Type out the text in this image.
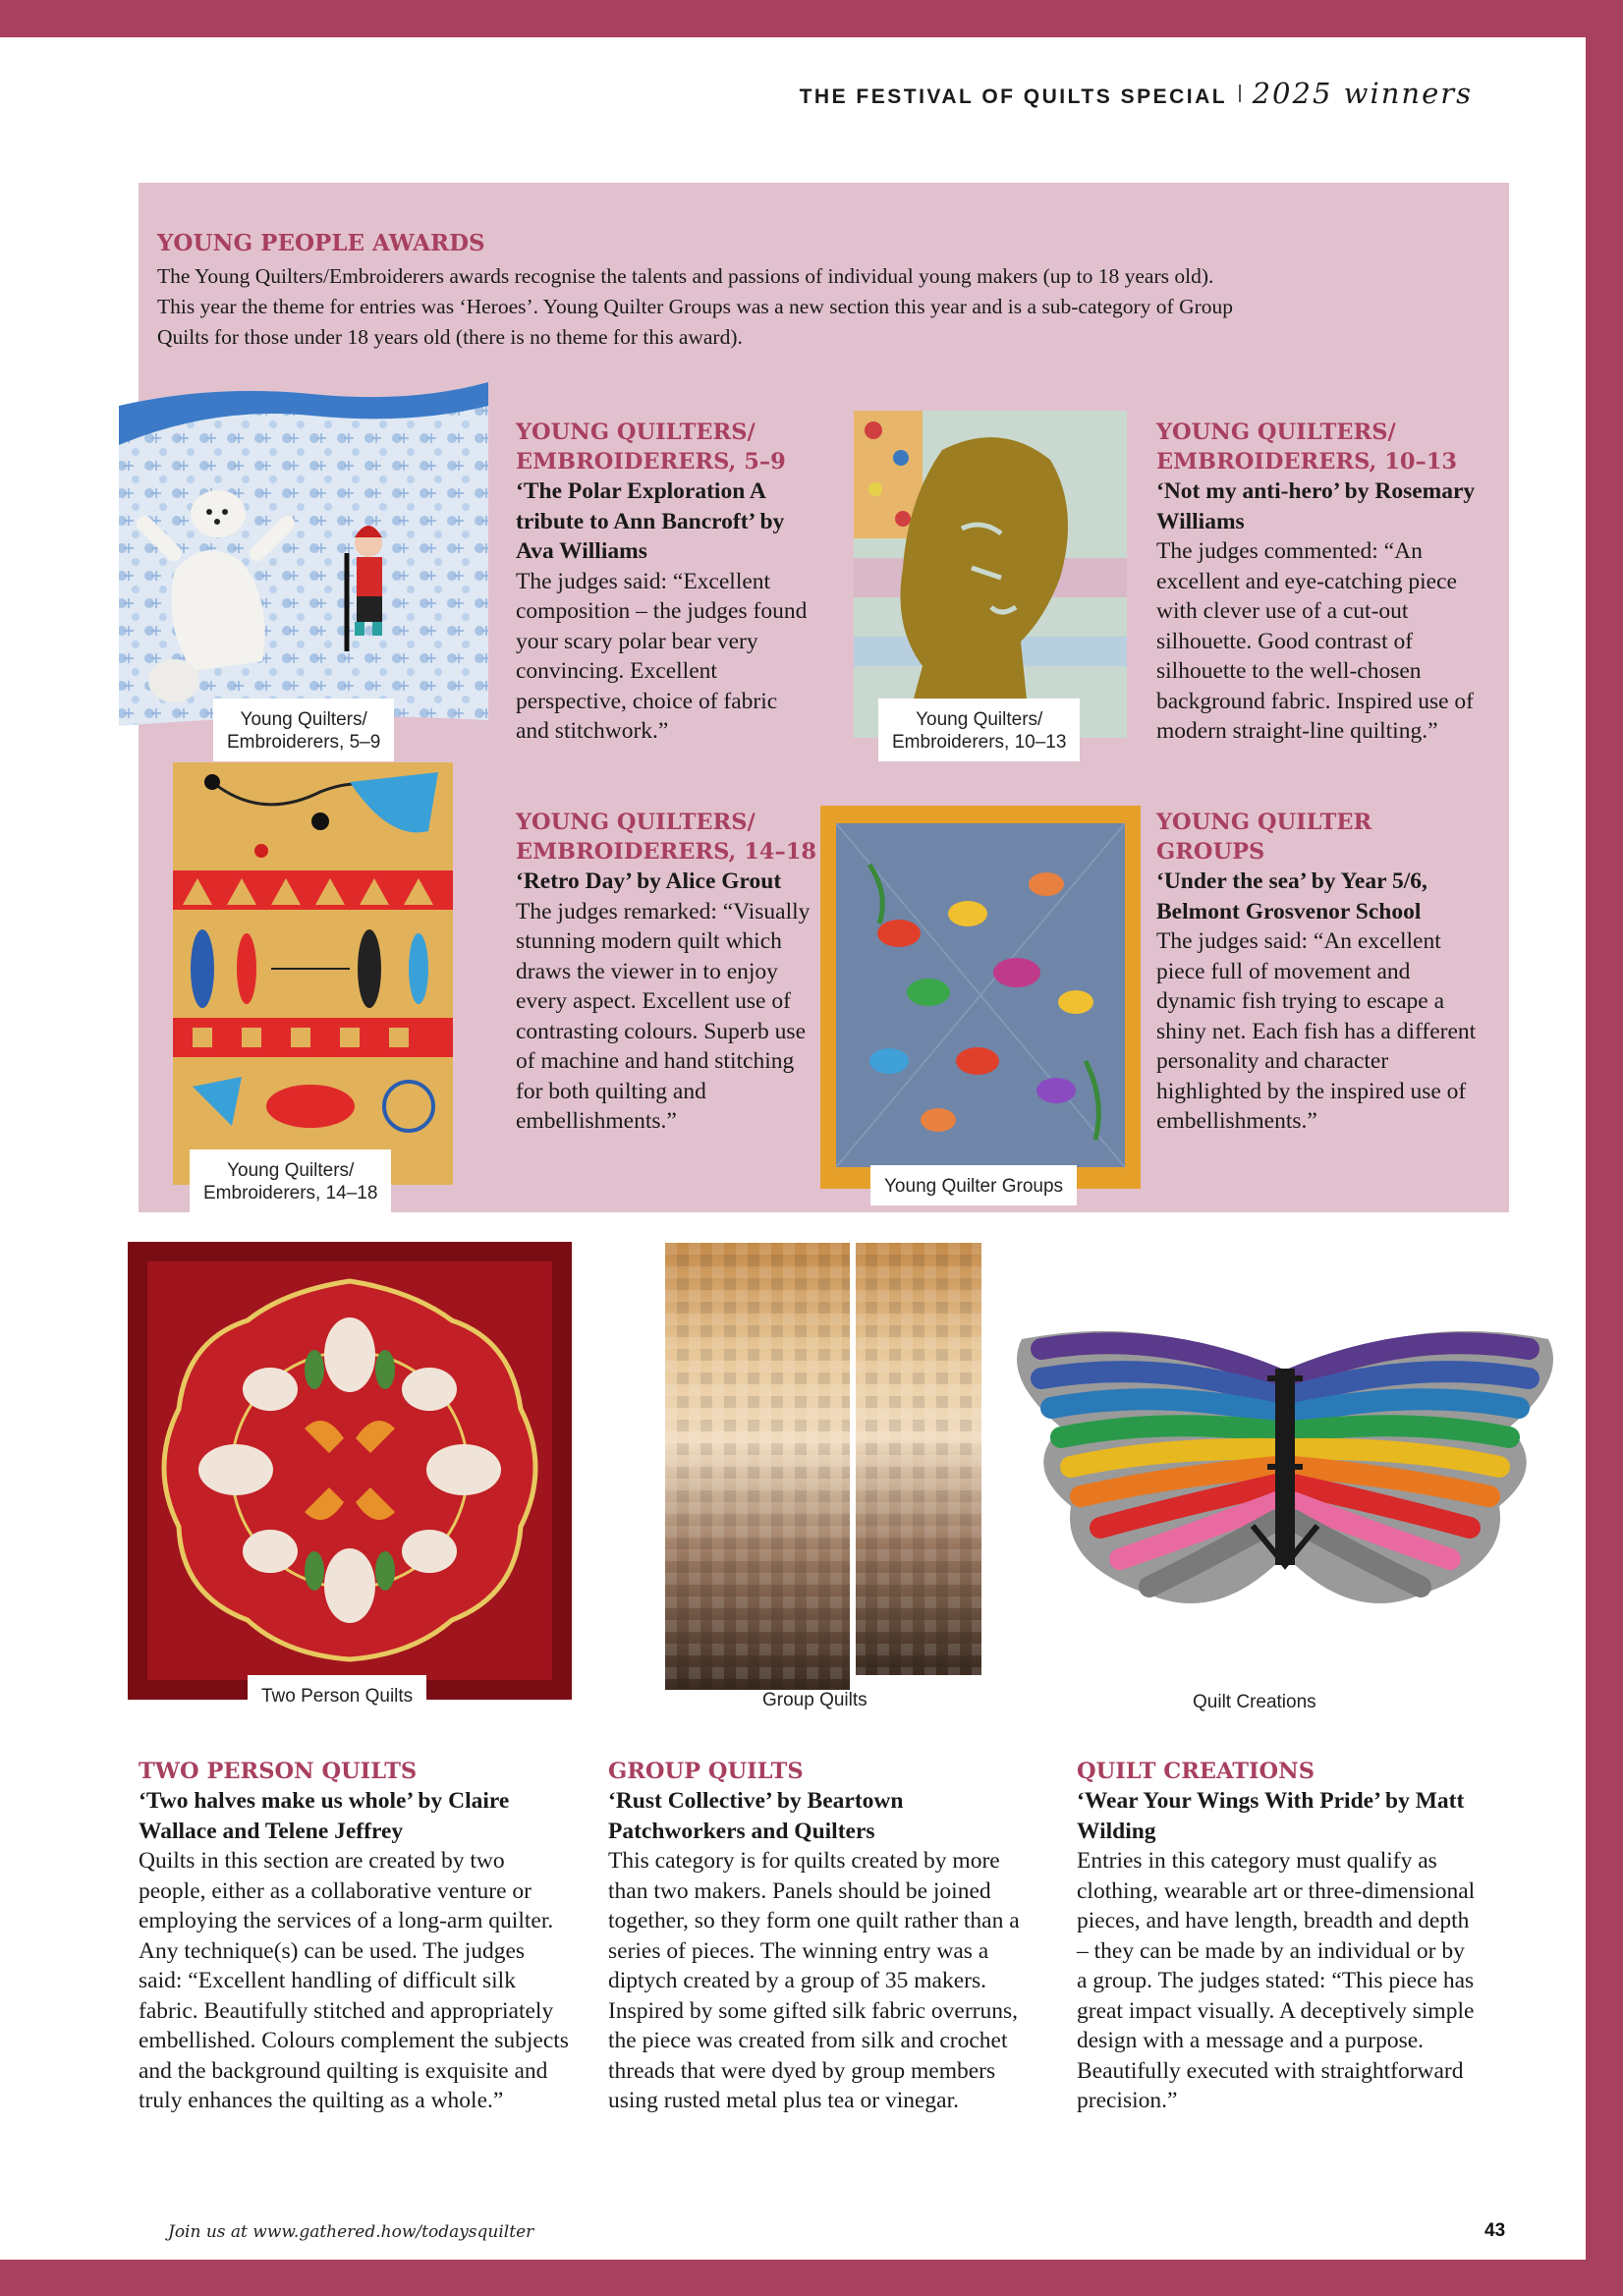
THE FESTIVAL OF QUILTS SPECIAL 2025 winners
YOUNG PEOPLE AWARDS
The Young Quilters/Embroiderers awards recognise the talents and passions of individual young makers (up to 18 years old). This year the theme for entries was ‘Heroes’. Young Quilter Groups was a new section this year and is a sub-category of Group Quilts for those under 18 years old (there is no theme for this award).
Young Quilters/
Embroiderers, 5–9
YOUNG QUILTERS/ EMBROIDERERS, 5–9
‘The Polar Exploration A tribute to Ann Bancroft’ by Ava Williams
The judges said: “Excellent composition – the judges found your scary polar bear very convincing. Excellent perspective, choice of fabric and stitchwork.”	Young Quilters/
Embroiderers, 10–13
YOUNG QUILTERS/ EMBROIDERERS, 10–13
‘Not my anti-hero’ by Rosemary Williams
The judges commented: “An excellent and eye-catching piece with clever use of a cut-out silhouette. Good contrast of silhouette to the well-chosen background fabric. Inspired use of modern straight-line quilting.”
Young Quilters/
Embroiderers, 14–18
YOUNG QUILTERS/ EMBROIDERERS, 14–18
‘Retro Day’ by Alice Grout
The judges remarked: “Visually stunning modern quilt which draws the viewer in to enjoy every aspect. Excellent use of contrasting colours. Superb use of machine and hand stitching for both quilting and embellishments.”
Young Quilter Groups
YOUNG QUILTER GROUPS
‘Under the sea’ by Year 5/6, Belmont Grosvenor School
The judges said: “An excellent piece full of movement and dynamic fish trying to escape a shiny net. Each fish has a different personality and character highlighted by the inspired use of embellishments.”
Two Person Quilts	Group Quilts	Quilt Creations
TWO PERSON QUILTS
‘Two halves make us whole’ by Claire Wallace and Telene Jeffrey
Quilts in this section are created by two people, either as a collaborative venture or employing the services of a long-arm quilter. Any technique(s) can be used. The judges said: “Excellent handling of difficult silk fabric. Beautifully stitched and appropriately embellished. Colours complement the subjects and the background quilting is exquisite and truly enhances the quilting as a whole.”
GROUP QUILTS
‘Rust Collective’ by Beartown Patchworkers and Quilters
This category is for quilts created by more than two makers. Panels should be joined together, so they form one quilt rather than a series of pieces. The winning entry was a diptych created by a group of 35 makers. Inspired by some gifted silk fabric overruns, the piece was created from silk and crochet threads that were dyed by group members using rusted metal plus tea or vinegar.
QUILT CREATIONS
‘Wear Your Wings With Pride’ by Matt Wilding
Entries in this category must qualify as clothing, wearable art or three-dimensional pieces, and have length, breadth and depth – they can be made by an individual or by a group. The judges stated: “This piece has great impact visually. A deceptively simple design with a message and a purpose. Beautifully executed with straightforward precision.”
Join us at www.gathered.how/todaysquilter	43
